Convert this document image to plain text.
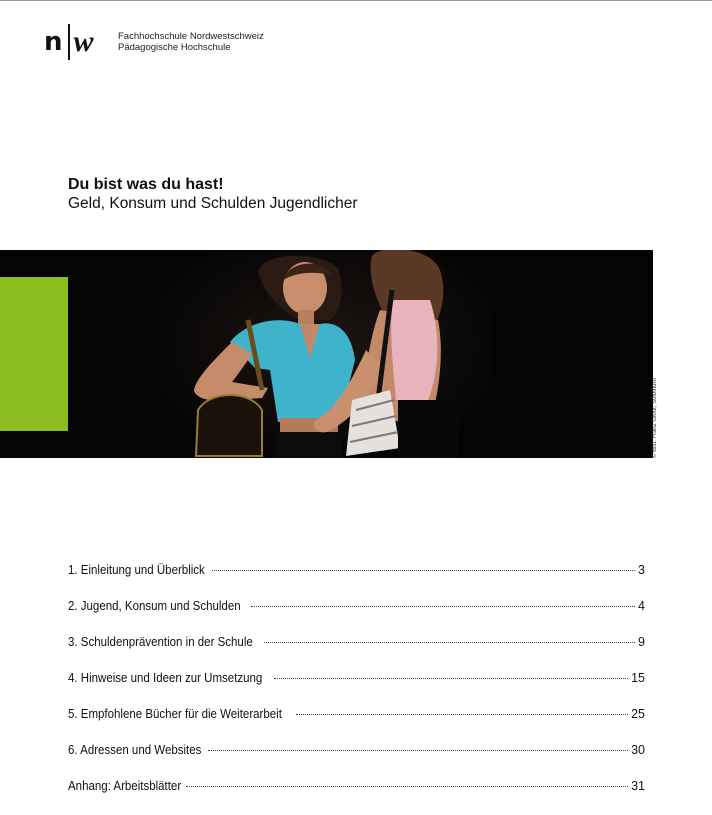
n w	Fachhochschule Nordwestschweiz
Pädagogische Hochschule
Du bist was du hast!
Geld, Konsum und Schulden Jugendlicher
© Bild: Franz Gloor, Solothurn
1. Einleitung und Überblick	3
2. Jugend, Konsum und Schulden	4
3. Schuldenprävention in der Schule	9
4. Hinweise und Ideen zur Umsetzung	15
5. Empfohlene Bücher für die Weiterarbeit	25
6. Adressen und Websites	30
Anhang: Arbeitsblätter	31
